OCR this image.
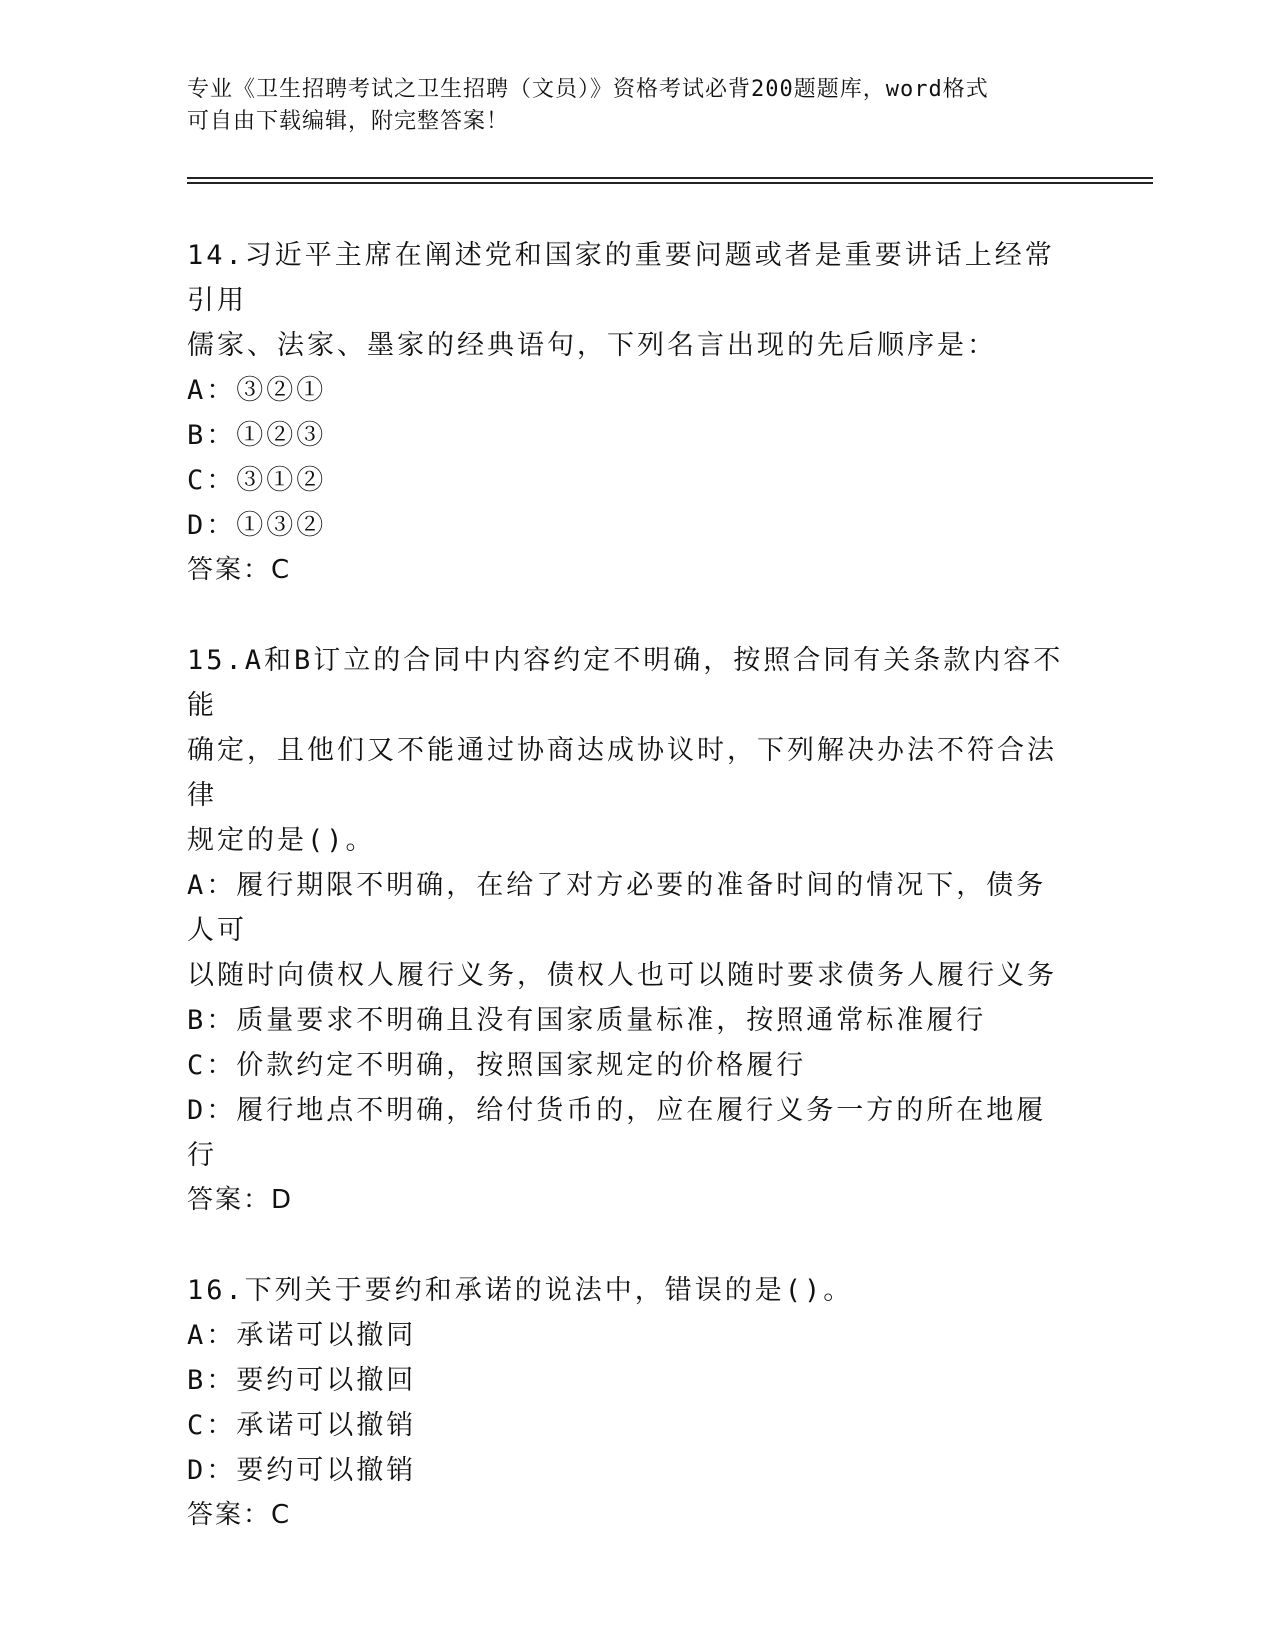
专业《卫生招聘考试之卫生招聘（文员）》资格考试必背200题题库，word格式
可自由下载编辑，附完整答案！
14.习近平主席在阐述党和国家的重要问题或者是重要讲话上经常引用
儒家、法家、墨家的经典语句，下列名言出现的先后顺序是：
A：③②①
B：①②③
C：③①②
D：①③②
答案：C
15.A和B订立的合同中内容约定不明确，按照合同有关条款内容不能
确定，且他们又不能通过协商达成协议时，下列解决办法不符合法律
规定的是()。
A：履行期限不明确，在给了对方必要的准备时间的情况下，债务人可
以随时向债权人履行义务，债权人也可以随时要求债务人履行义务
B：质量要求不明确且没有国家质量标准，按照通常标准履行
C：价款约定不明确，按照国家规定的价格履行
D：履行地点不明确，给付货币的，应在履行义务一方的所在地履行
答案：D
16.下列关于要约和承诺的说法中，错误的是()。
A：承诺可以撤同
B：要约可以撤回
C：承诺可以撤销
D：要约可以撤销
答案：C
